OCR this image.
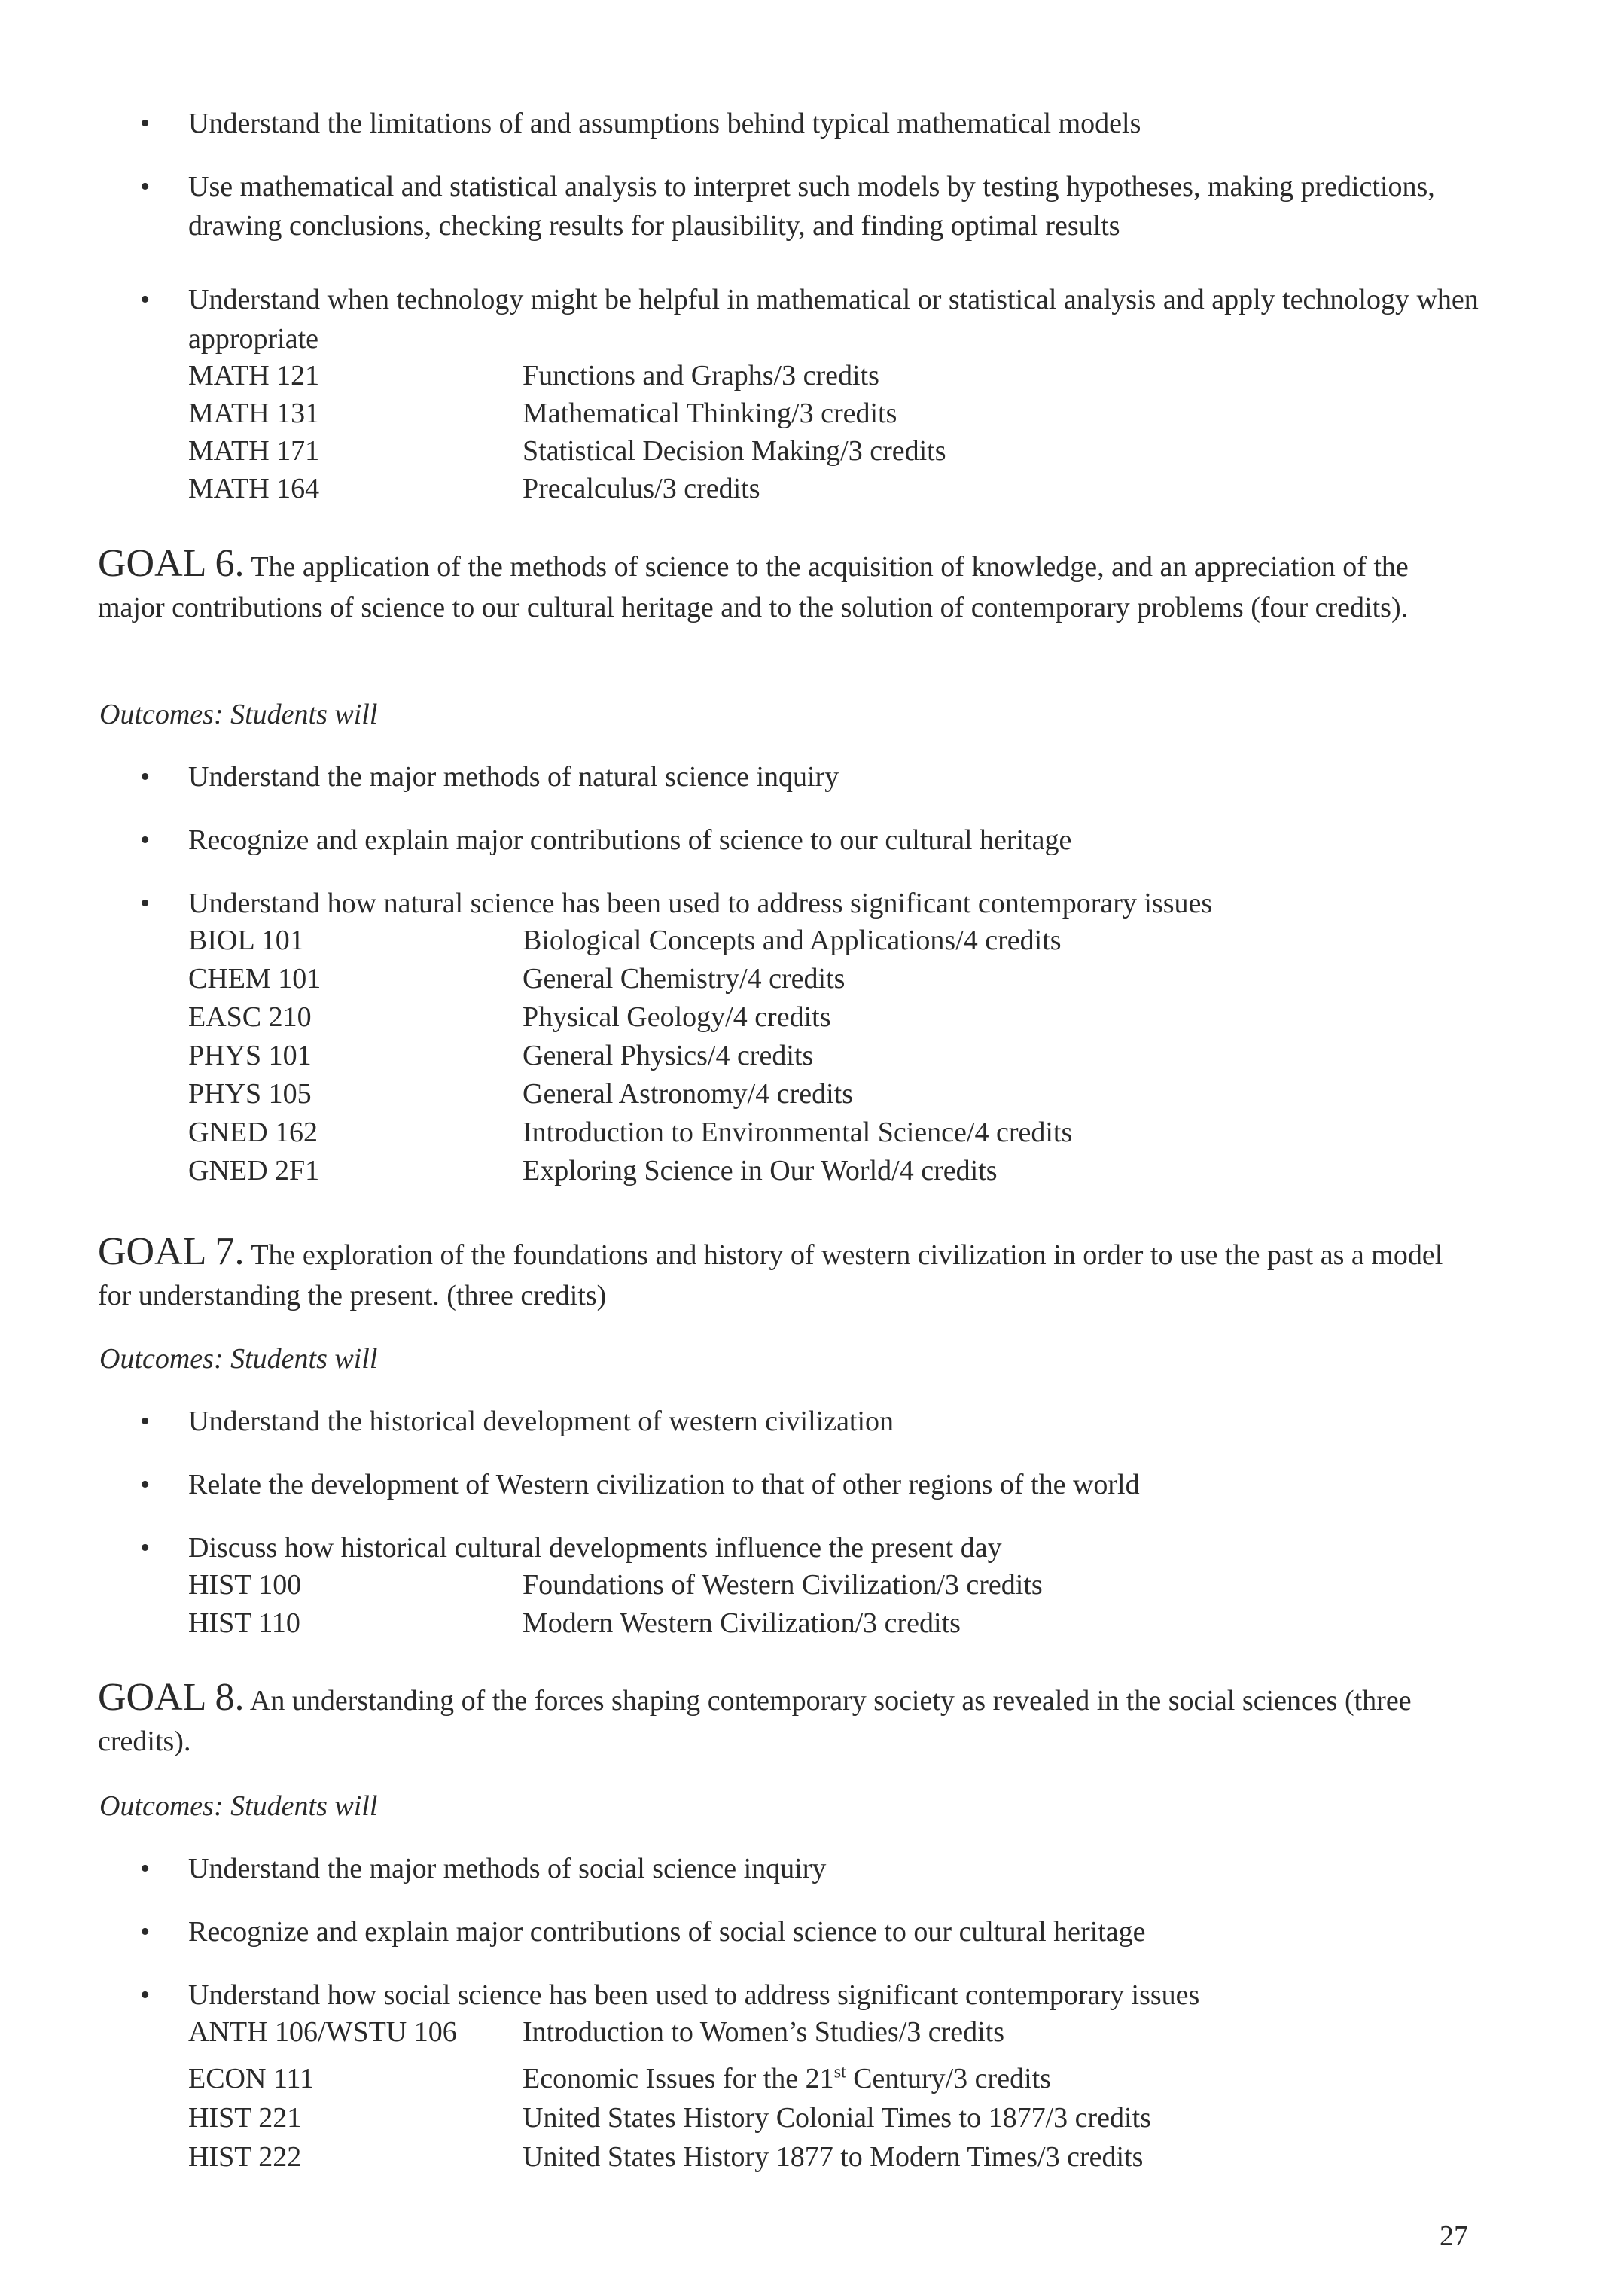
• Understand the limitations of and assumptions behind typical mathematical models

• Use mathematical and statistical analysis to interpret such models by testing hypotheses, making predictions, drawing conclusions, checking results for plausibility, and finding optimal results

• Understand when technology might be helpful in mathematical or statistical analysis and apply technology when appropriate

MATH 121	Functions and Graphs/3 credits
MATH 131	Mathematical Thinking/3 credits
MATH 171	Statistical Decision Making/3 credits
MATH 164	Precalculus/3 credits

GOAL 6. The application of the methods of science to the acquisition of knowledge, and an appreciation of the major contributions of science to our cultural heritage and to the solution of contemporary problems (four credits).

Outcomes: Students will
• Understand the major methods of natural science inquiry

• Recognize and explain major contributions of science to our cultural heritage

• Understand how natural science has been used to address significant contemporary issues

BIOL 101	Biological Concepts and Applications/4 credits
CHEM 101	General Chemistry/4 credits
EASC 210	Physical Geology/4 credits
PHYS 101	General Physics/4 credits
PHYS 105	General Astronomy/4 credits
GNED 162	Introduction to Environmental Science/4 credits
GNED 2F1	Exploring Science in Our World/4 credits

GOAL 7. The exploration of the foundations and history of western civilization in order to use the past as a model for understanding the present. (three credits)

Outcomes: Students will
• Understand the historical development of western civilization

• Relate the development of Western civilization to that of other regions of the world

• Discuss how historical cultural developments influence the present day

HIST 100	Foundations of Western Civilization/3 credits
HIST 110	Modern Western Civilization/3 credits

GOAL 8. An understanding of the forces shaping contemporary society as revealed in the social sciences (three credits).

Outcomes: Students will
• Understand the major methods of social science inquiry

• Recognize and explain major contributions of social science to our cultural heritage

• Understand how social science has been used to address significant contemporary issues

ANTH 106/WSTU 106 Introduction to Women’s Studies/3 credits
ECON 111	Economic Issues for the 21st Century/3 credits
HIST 221	United States History Colonial Times to 1877/3 credits
HIST 222	United States History 1877 to Modern Times/3 credits
27
